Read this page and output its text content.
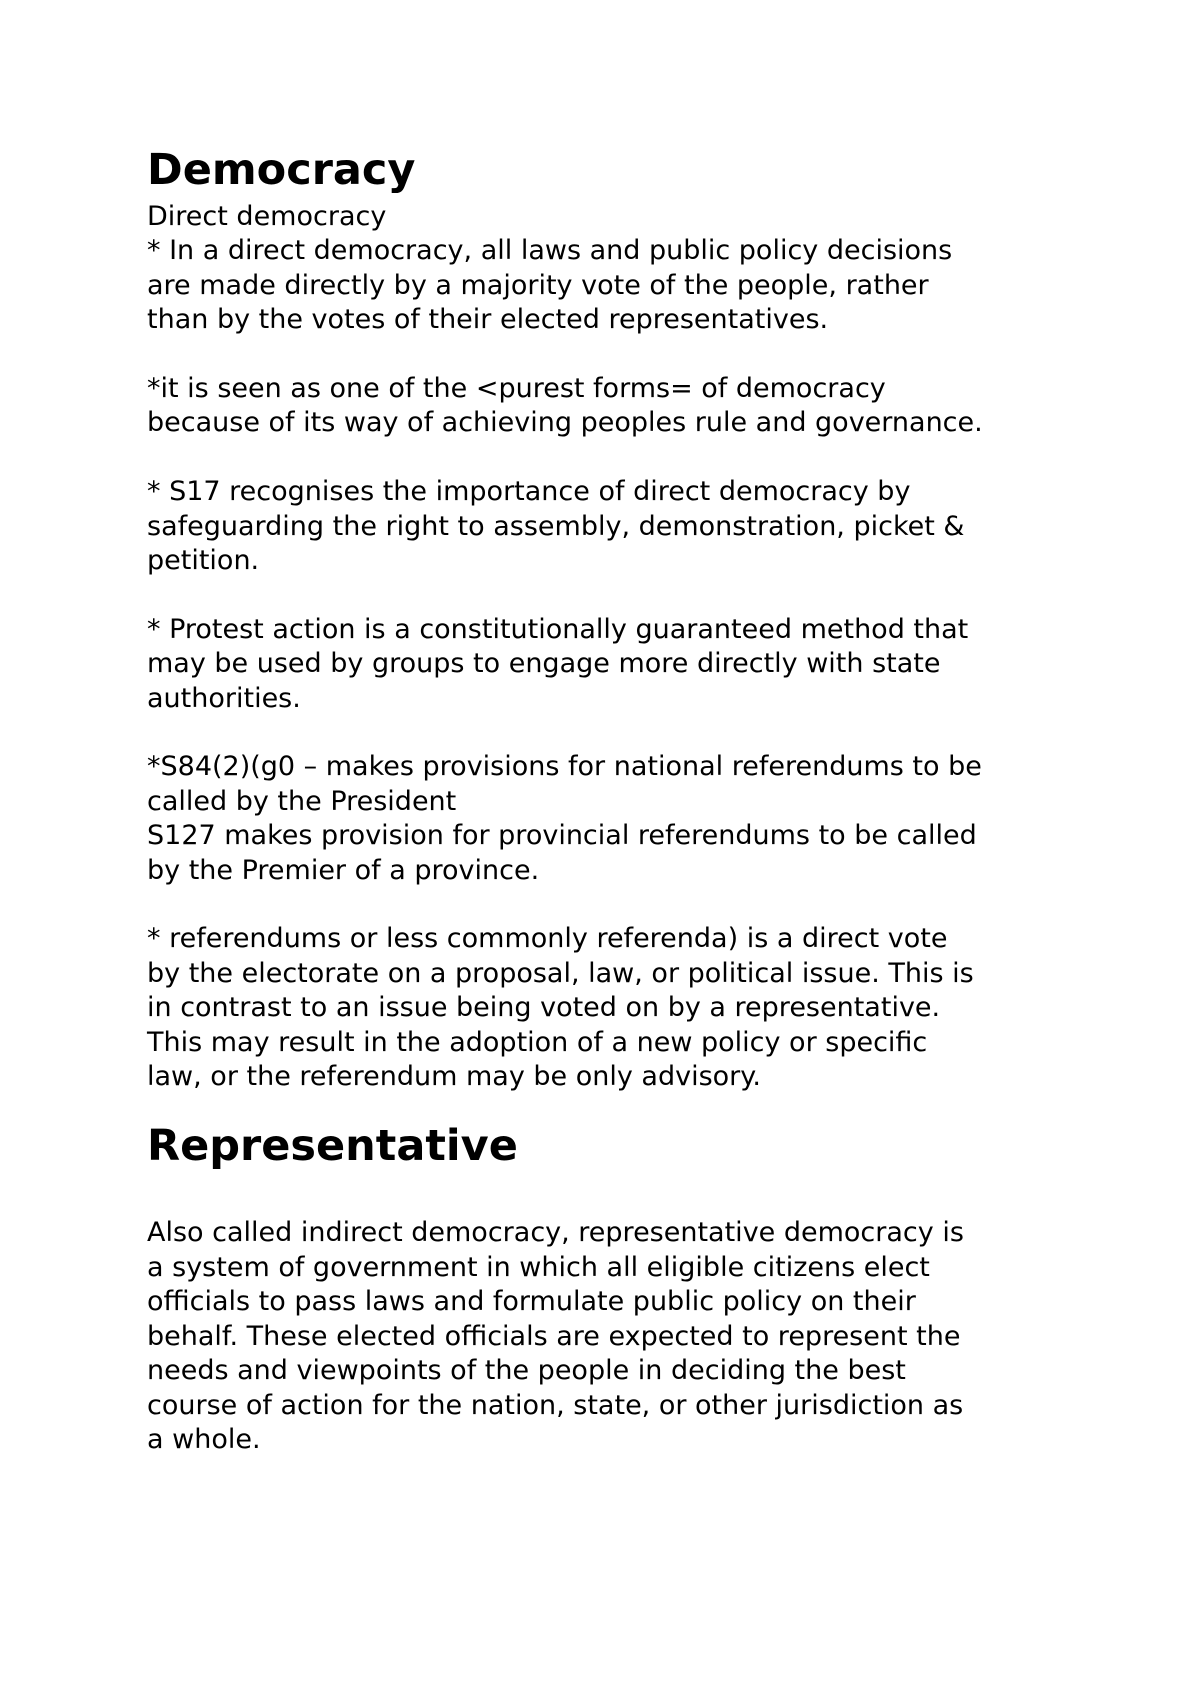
Democracy

Direct democracy

* In a direct democracy, all laws and public policy decisions
are made directly by a majority vote of the people, rather
than by the votes of their elected representatives.

*it is seen as one of the <purest forms= of democracy
because of its way of achieving peoples rule and governance.

* S17 recognises the importance of direct democracy by
safeguarding the right to assembly, demonstration, picket &
petition.

* Protest action is a constitutionally guaranteed method that
may be used by groups to engage more directly with state
authorities.

*S84(2)(g0 – makes provisions for national referendums to be
called by the President
S127 makes provision for provincial referendums to be called
by the Premier of a province.

* referendums or less commonly referenda) is a direct vote
by the electorate on a proposal, law, or political issue. This is
in contrast to an issue being voted on by a representative.
This may result in the adoption of a new policy or specific
law, or the referendum may be only advisory.

Representative

Also called indirect democracy, representative democracy is
a system of government in which all eligible citizens elect
officials to pass laws and formulate public policy on their
behalf. These elected officials are expected to represent the
needs and viewpoints of the people in deciding the best
course of action for the nation, state, or other jurisdiction as
a whole.
